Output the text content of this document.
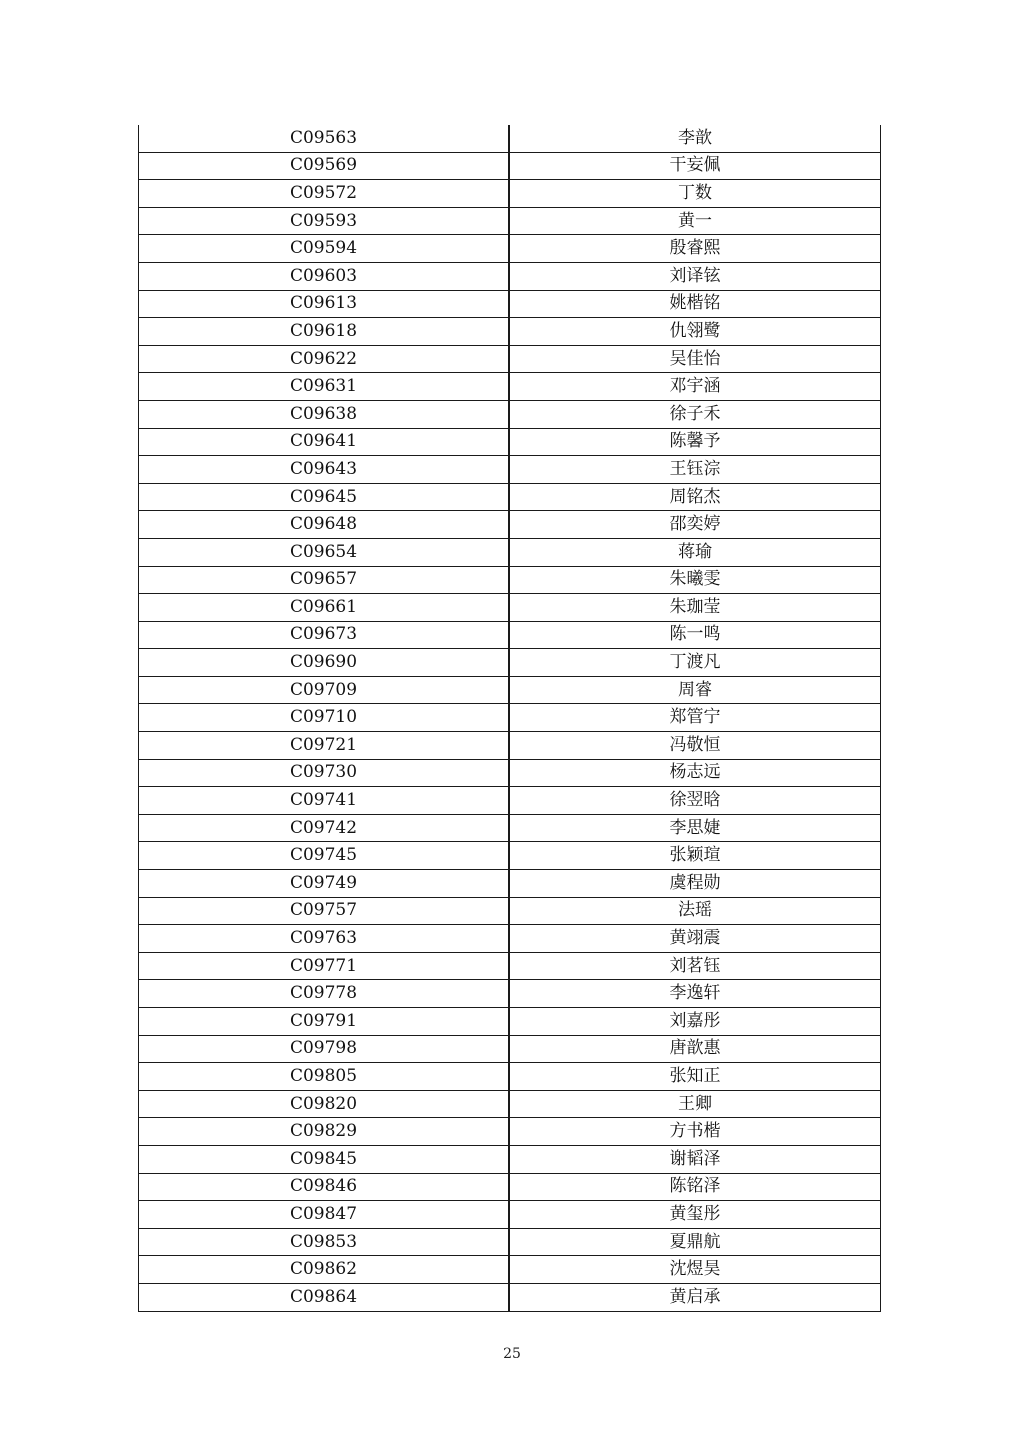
C09563	李歆
C09569	干妄佩
C09572	丁数
C09593	黄一
C09594	殷睿熙
C09603	刘译铉
C09613	姚楷铭
C09618	仇翎鹭
C09622	吴佳怡
C09631	邓宇涵
C09638	徐子禾
C09641	陈馨予
C09643	王钰淙
C09645	周铭杰
C09648	邵奕婷
C09654	蒋瑜
C09657	朱曦雯
C09661	朱珈莹
C09673	陈一鸣
C09690	丁渡凡
C09709	周睿
C09710	郑管宁
C09721	冯敬恒
C09730	杨志远
C09741	徐翌晗
C09742	李思婕
C09745	张颖瑄
C09749	虞程勋
C09757	法瑶
C09763	黄翊震
C09771	刘茗钰
C09778	李逸轩
C09791	刘嘉彤
C09798	唐歆惠
C09805	张知正
C09820	王卿
C09829	方书楷
C09845	谢韬泽
C09846	陈铭泽
C09847	黄玺彤
C09853	夏鼎航
C09862	沈煜昊
C09864	黄启承
25
